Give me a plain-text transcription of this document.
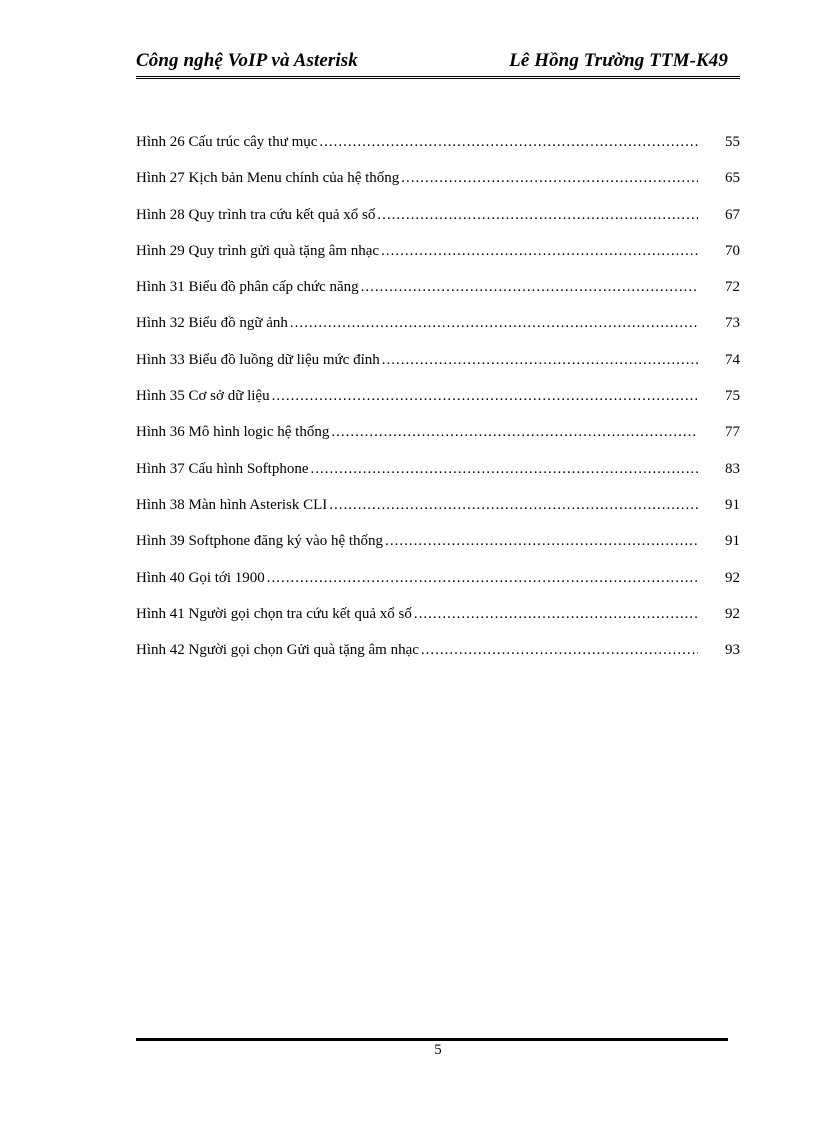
Công nghệ VoIP và Asterisk	Lê Hồng Trường TTM-K49
Hình 26 Cấu trúc cây thư mục .....	55
Hình 27 Kịch bản Menu chính của hệ thống .....	65
Hình 28 Quy trình tra cứu kết quả xổ số .....	67
Hình 29 Quy trình gửi quà tặng âm nhạc .....	70
Hình 31 Biểu đồ phân cấp chức năng .....	72
Hình 32 Biểu đồ ngữ ảnh .....	73
Hình 33 Biểu đồ luồng dữ liệu mức đỉnh .....	74
Hình 35 Cơ sở dữ liệu .....	75
Hình 36 Mô hình logic hệ thống .....	77
Hình 37 Cấu hình Softphone .....	83
Hình 38 Màn hình Asterisk CLI .....	91
Hình 39 Softphone đăng ký vào hệ thống .....	91
Hình 40 Gọi tới 1900 .....	92
Hình 41 Người gọi chọn tra cứu kết quả xổ số .....	92
Hình 42 Người gọi chọn Gửi quà tặng âm nhạc .....	93
5
